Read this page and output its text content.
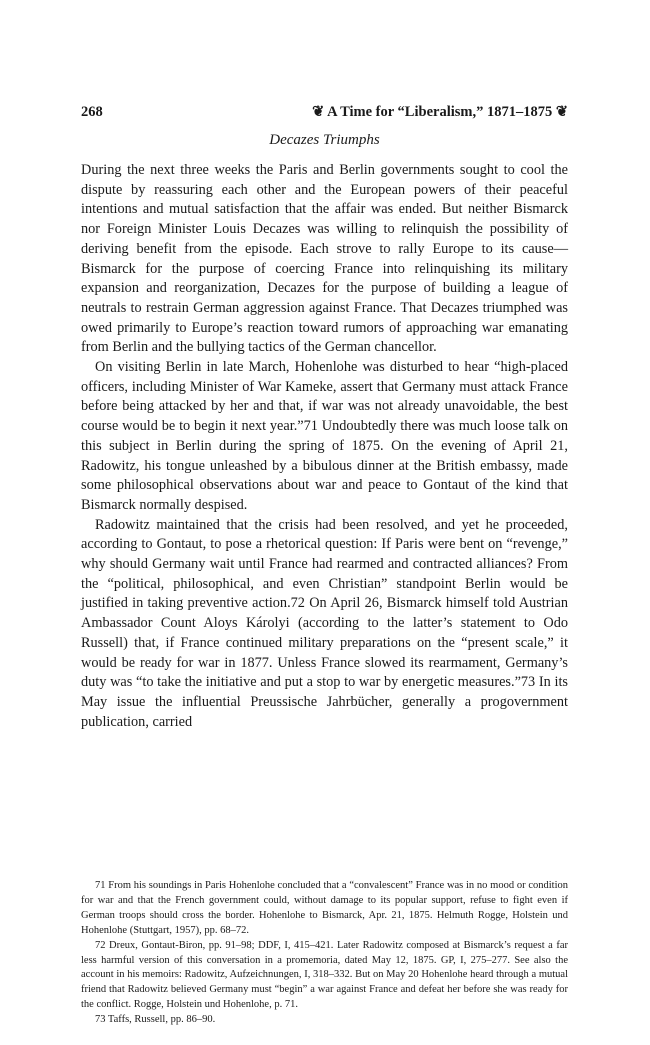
268	❦ A Time for “Liberalism,” 1871–1875 ❦
Decazes Triumphs

During the next three weeks the Paris and Berlin governments sought to cool the dispute by reassuring each other and the European powers of their peaceful intentions and mutual satisfaction that the affair was ended. But neither Bismarck nor Foreign Minister Louis Decazes was willing to relinquish the possibility of deriving benefit from the episode. Each strove to rally Europe to its cause—Bismarck for the purpose of coercing France into relinquishing its military expansion and reorganization, Decazes for the purpose of building a league of neutrals to restrain German aggression against France. That Decazes triumphed was owed primarily to Europe’s reaction toward rumors of approaching war emanating from Berlin and the bullying tactics of the German chancellor.

On visiting Berlin in late March, Hohenlohe was disturbed to hear “high-placed officers, including Minister of War Kameke, assert that Germany must attack France before being attacked by her and that, if war was not already unavoidable, the best course would be to begin it next year.”71 Undoubtedly there was much loose talk on this subject in Berlin during the spring of 1875. On the evening of April 21, Radowitz, his tongue unleashed by a bibulous dinner at the British embassy, made some philosophical observations about war and peace to Gontaut of the kind that Bismarck normally despised.

Radowitz maintained that the crisis had been resolved, and yet he proceeded, according to Gontaut, to pose a rhetorical question: If Paris were bent on “revenge,” why should Germany wait until France had rearmed and contracted alliances? From the “political, philosophical, and even Christian” standpoint Berlin would be justified in taking preventive action.72 On April 26, Bismarck himself told Austrian Ambassador Count Aloys Károlyi (according to the latter’s statement to Odo Russell) that, if France continued military preparations on the “present scale,” it would be ready for war in 1877. Unless France slowed its rearmament, Germany’s duty was “to take the initiative and put a stop to war by energetic measures.”73 In its May issue the influential Preussische Jahrbücher, generally a progovernment publication, carried

71 From his soundings in Paris Hohenlohe concluded that a “convalescent” France was in no mood or condition for war and that the French government could, without damage to its popular support, refuse to fight even if German troops should cross the border. Hohenlohe to Bismarck, Apr. 21, 1875. Helmuth Rogge, Holstein und Hohenlohe (Stuttgart, 1957), pp. 68–72.

72 Dreux, Gontaut-Biron, pp. 91–98; DDF, I, 415–421. Later Radowitz composed at Bismarck’s request a far less harmful version of this conversation in a promemoria, dated May 12, 1875. GP, I, 275–277. See also the account in his memoirs: Radowitz, Aufzeichnungen, I, 318–332. But on May 20 Hohenlohe heard through a mutual friend that Radowitz believed Germany must “begin” a war against France and defeat her before she was ready for the conflict. Rogge, Holstein und Hohenlohe, p. 71.

73 Taffs, Russell, pp. 86–90.
